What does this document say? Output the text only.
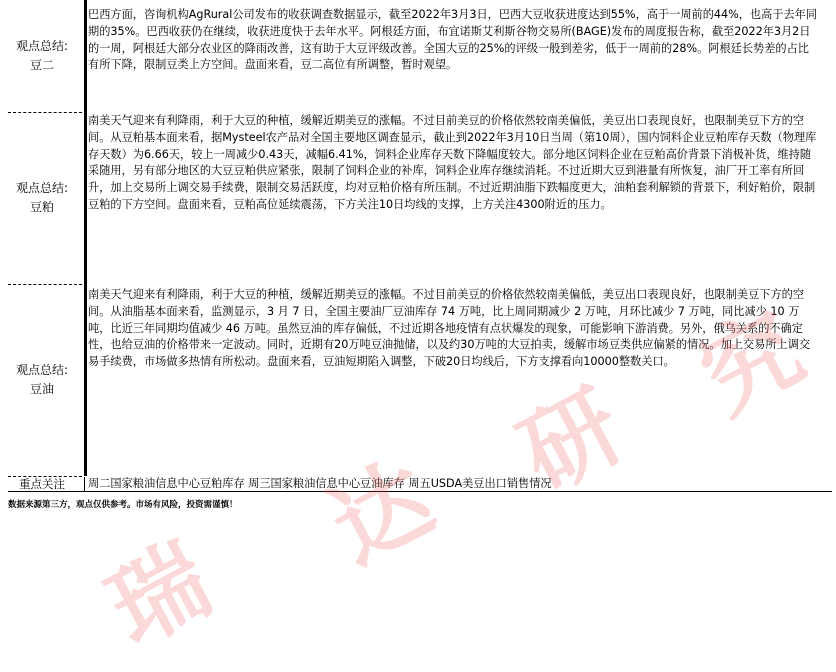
观点总结:
豆二
巴西方面，咨询机构AgRural公司发布的收获调查数据显示，截至2022年3月3日，巴西大豆收获进度达到55%，高于一周前的44%，也高于去年同期的35%。巴西收获仍在继续，收获进度快于去年水平。阿根廷方面，布宜诺斯艾利斯谷物交易所(BAGE)发布的周度报告称，截至2022年3月2日的一周，阿根廷大部分农业区的降雨改善，这有助于大豆评级改善。全国大豆的25%的评级一般到差劣，低于一周前的28%。阿根廷长势差的占比有所下降，限制豆类上方空间。盘面来看，豆二高位有所调整，暂时观望。
观点总结:
豆粕
南美天气迎来有利降雨，利于大豆的种植，缓解近期美豆的涨幅。不过目前美豆的价格依然较南美偏低，美豆出口表现良好，也限制美豆下方的空间。从豆粕基本面来看，据Mysteel农产品对全国主要地区调查显示，截止到2022年3月10日当周（第10周），国内饲料企业豆粕库存天数（物理库存天数）为6.66天，较上一周减少0.43天，减幅6.41%，饲料企业库存天数下降幅度较大。部分地区饲料企业在豆粕高价背景下消极补货，维持随采随用，另有部分地区的大豆豆粕供应紧张，限制了饲料企业的补库，饲料企业库存继续消耗。不过近期大豆到港量有所恢复，油厂开工率有所回升，加上交易所上调交易手续费，限制交易活跃度，均对豆粕价格有所压制。不过近期油脂下跌幅度更大，油粕套利解锁的背景下，利好粕价，限制豆粕的下方空间。盘面来看，豆粕高位延续震荡，下方关注10日均线的支撑，上方关注4300附近的压力。
观点总结:
豆油
南美天气迎来有利降雨，利于大豆的种植，缓解近期美豆的涨幅。不过目前美豆的价格依然较南美偏低，美豆出口表现良好，也限制美豆下方的空间。从油脂基本面来看，监测显示，3 月 7 日，全国主要油厂豆油库存 74 万吨，比上周同期减少 2 万吨，月环比减少 7 万吨，同比减少 10 万吨，比近三年同期均值减少 46 万吨。虽然豆油的库存偏低，不过近期各地疫情有点状爆发的现象，可能影响下游消费。另外，俄乌关系的不确定性，也给豆油的价格带来一定波动。同时，近期有20万吨豆油抛储，以及约30万吨的大豆拍卖，缓解市场豆类供应偏紧的情况。加上交易所上调交易手续费，市场做多热情有所松动。盘面来看，豆油短期陷入调整，下破20日均线后，下方支撑看向10000整数关口。
重点关注 周二国家粮油信息中心豆粕库存 周三国家粮油信息中心豆油库存 周五USDA美豆出口销售情况
数据来源第三方，观点仅供参考。市场有风险，投资需谨慎！
瑞
达 研
究
